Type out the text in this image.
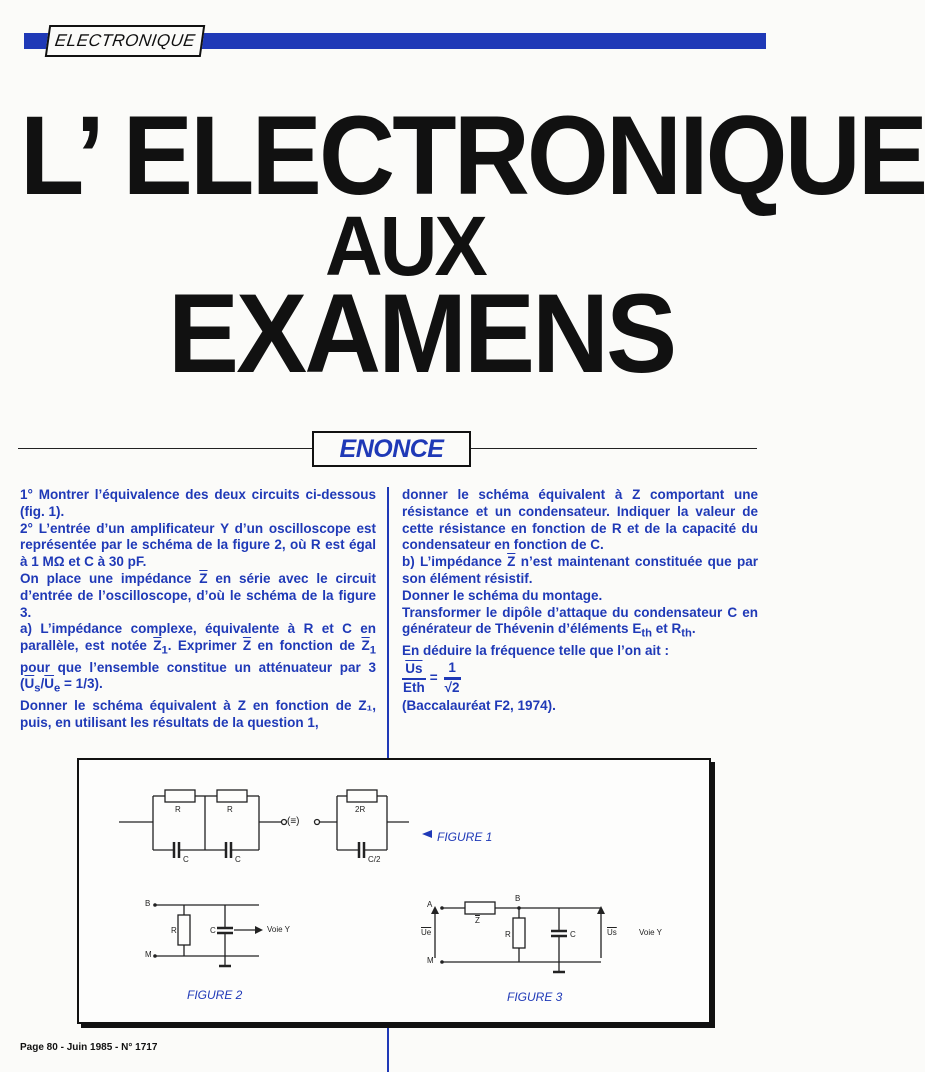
ELECTRONIQUE
L’ ELECTRONIQUE
AUX
EXAMENS
ENONCE

1° Montrer l’équivalence des deux circuits ci-dessous (fig. 1).

2° L’entrée d’un amplificateur Y d’un oscilloscope est représentée par le schéma de la figure 2, où R est égal à 1 MΩ et C à 30 pF.

On place une impédance $\overline{Z}$ en série avec le circuit d’entrée de l’oscilloscope, d’où le schéma de la figure 3.

a) L’impédance complexe, équivalente à R et C en parallèle, est notée $\overline{Z}_1$. Exprimer $\overline{Z}$ en fonction de $\overline{Z}_1$ pour que l’ensemble constitue un atténuateur par 3 $(\overline{U}_s/\overline{U}_e = 1/3)$.

Donner le schéma équivalent à Z en fonction de Z₁, puis, en utilisant les résultats de la question 1,

donner le schéma équivalent à Z comportant une résistance et un condensateur. Indiquer la valeur de cette résistance en fonction de R et de la capacité du condensateur en fonction de C.

b) L’impédance $\overline{Z}$ n’est maintenant constituée que par son élément résistif.

Donner le schéma du montage.

Transformer le dipôle d’attaque du condensateur C en générateur de Thévenin d’éléments $E_{th}$ et $R_{th}$.

En déduire la fréquence telle que l’on ait :

$\frac{\overline{Us}}{\text{Eth}} = \frac{1}{√2}$

(Baccalauréat F2, 1974).

R	R
C	C
(≡)
2R
C/2
FIGURE 1
B
M
R	C	Voie Y
FIGURE 2
A
M
B
$\overline{Z}$
R	C
$\overline{Ue}$	$\overline{Us}$	Voie Y
FIGURE 3
Page 80 - Juin 1985 - N° 1717
